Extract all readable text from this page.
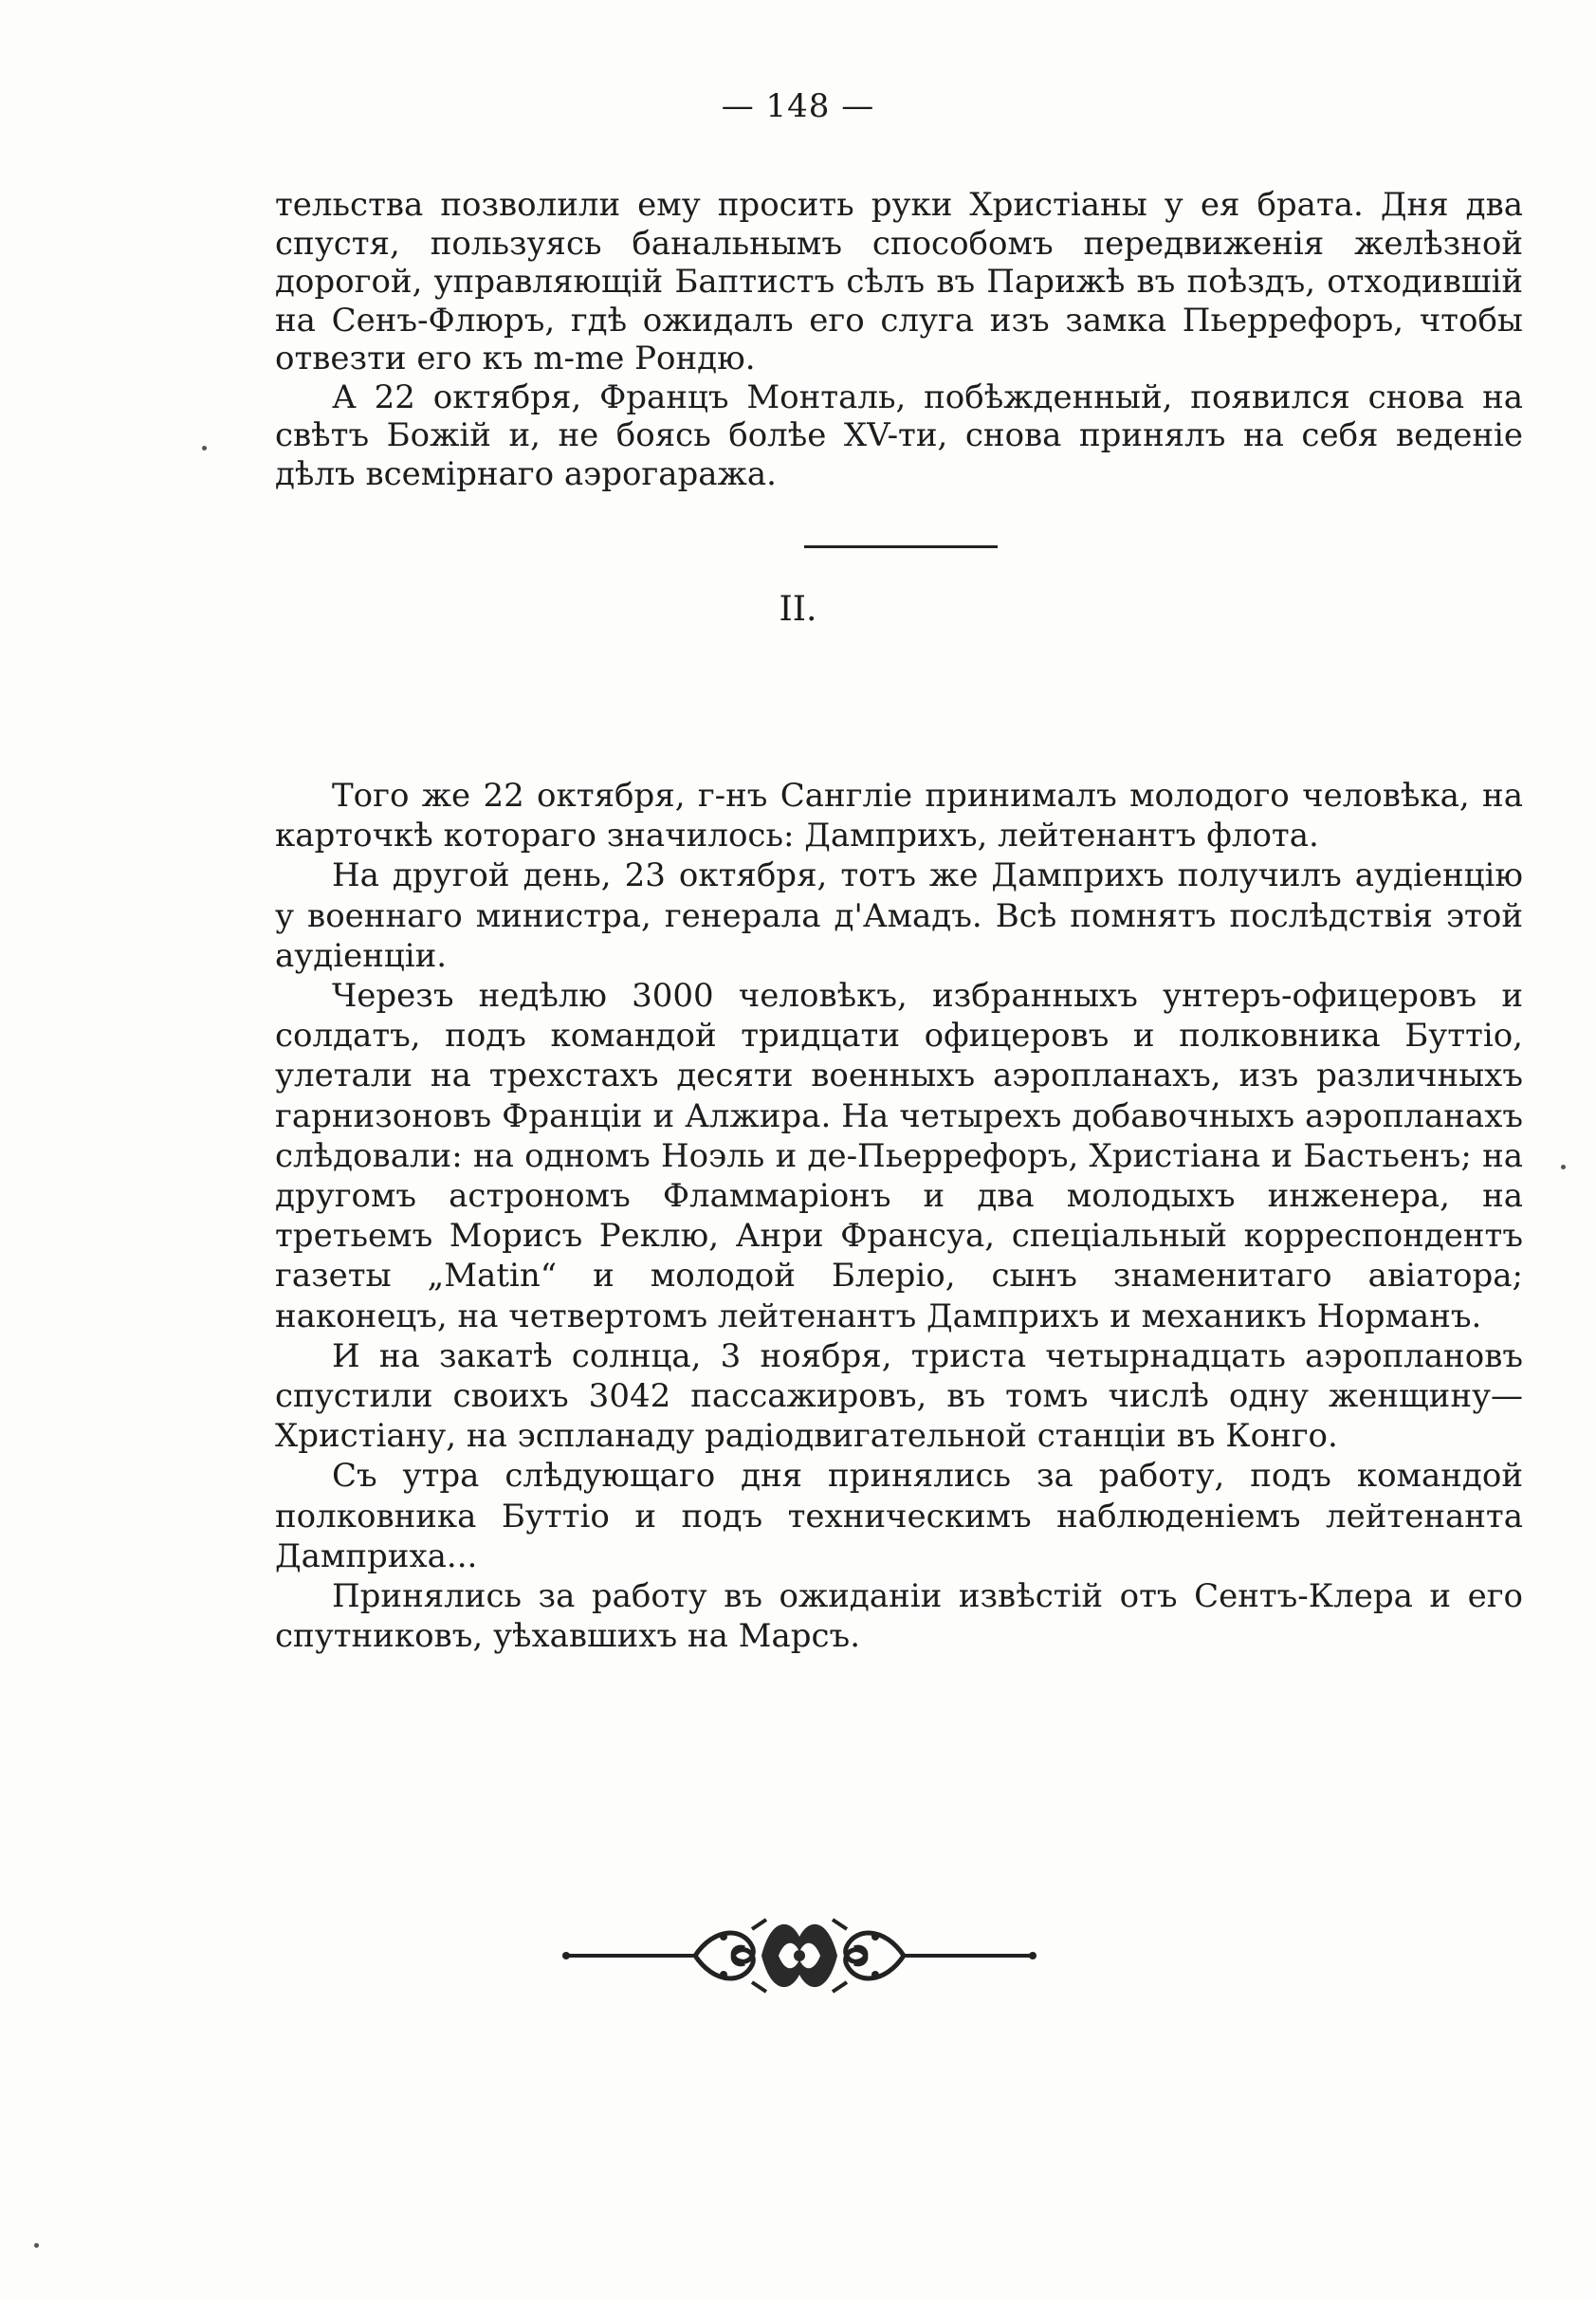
— 148 —

тельства позволили ему просить руки Христіаны у ея брата. Дня два спустя, пользуясь банальнымъ способомъ передвиженія желѣзной дорогой, управляющій Баптистъ сѣлъ въ Парижѣ въ поѣздъ, отходившій на Сенъ-Флюръ, гдѣ ожидалъ его слуга изъ замка Пьеррефоръ, чтобы отвезти его къ m-me Рондю.

А 22 октября, Францъ Монталь, побѣжденный, появился снова на свѣтъ Божій и, не боясь болѣе XV-ти, снова принялъ на себя веденіе дѣлъ всемірнаго аэрогаража.

II.

Того же 22 октября, г-нъ Санглiе принималъ молодого человѣка, на карточкѣ котораго значилось: Дамприхъ, лейтенантъ флота.

На другой день, 23 октября, тотъ же Дамприхъ получилъ аудіенцію у военнаго министра, генерала д'Амадъ. Всѣ помнятъ послѣдствія этой аудіенціи.

Черезъ недѣлю 3000 человѣкъ, избранныхъ унтеръ-офицеровъ и солдатъ, подъ командой тридцати офицеровъ и полковника Буттіо, улетали на трехстахъ десяти военныхъ аэропланахъ, изъ различныхъ гарнизоновъ Франціи и Алжира. На четырехъ добавочныхъ аэропланахъ слѣдовали: на одномъ Ноэль и де-Пьеррефоръ, Христіана и Бастьенъ; на другомъ астрономъ Фламмаріонъ и два молодыхъ инженера, на третьемъ Морисъ Реклю, Анри Франсуа, спеціальный корреспондентъ газеты „Matin“ и молодой Блеріо, сынъ знаменитаго авіатора; наконецъ, на четвертомъ лейтенантъ Дамприхъ и механикъ Норманъ.

И на закатѣ солнца, 3 ноября, триста четырнадцать аэроплановъ спустили своихъ 3042 пассажировъ, въ томъ числѣ одну женщину—Христіану, на эспланаду радіодвигательной станціи въ Конго.

Съ утра слѣдующаго дня принялись за работу, подъ командой полковника Буттіо и подъ техническимъ наблюденіемъ лейтенанта Дамприха...

Принялись за работу въ ожиданіи извѣстій отъ Сентъ-Клера и его спутниковъ, уѣхавшихъ на Марсъ.
